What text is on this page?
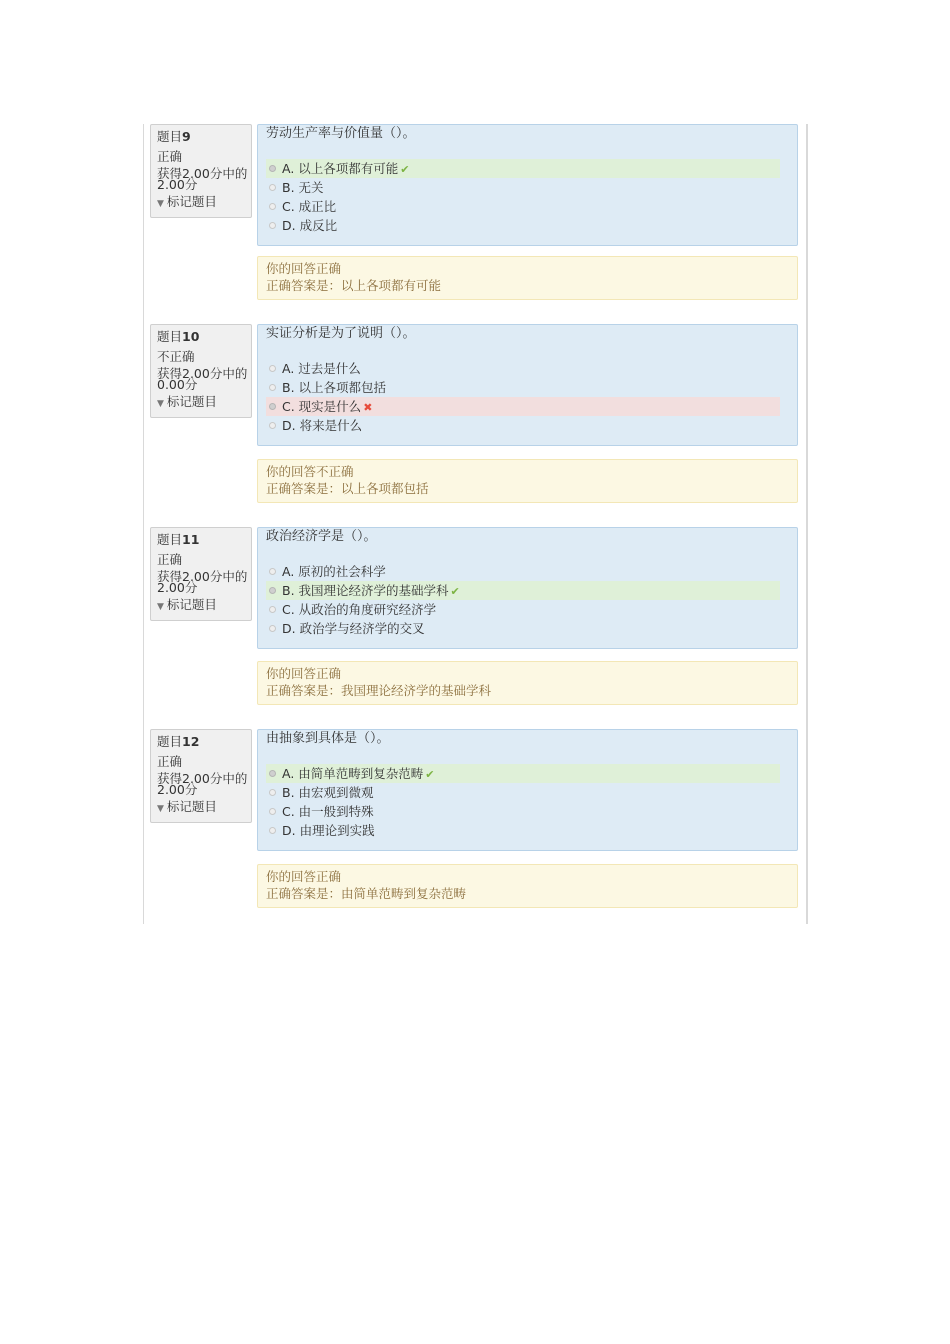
题目9
正确
获得2.00分中的2.00分
▼ 标记题目
劳动生产率与价值量（）。
A. 以上各项都有可能 ✔
B. 无关
C. 成正比
D. 成反比
你的回答正确
正确答案是：以上各项都有可能
题目10
不正确
获得2.00分中的0.00分
▼ 标记题目
实证分析是为了说明（）。
A. 过去是什么
B. 以上各项都包括
C. 现实是什么 ✖
D. 将来是什么
你的回答不正确
正确答案是：以上各项都包括
题目11
正确
获得2.00分中的2.00分
▼ 标记题目
政治经济学是（）。
A. 原初的社会科学
B. 我国理论经济学的基础学科 ✔
C. 从政治的角度研究经济学
D. 政治学与经济学的交叉
你的回答正确
正确答案是：我国理论经济学的基础学科
题目12
正确
获得2.00分中的2.00分
▼ 标记题目
由抽象到具体是（）。
A. 由简单范畴到复杂范畴 ✔
B. 由宏观到微观
C. 由一般到特殊
D. 由理论到实践
你的回答正确
正确答案是：由简单范畴到复杂范畴
